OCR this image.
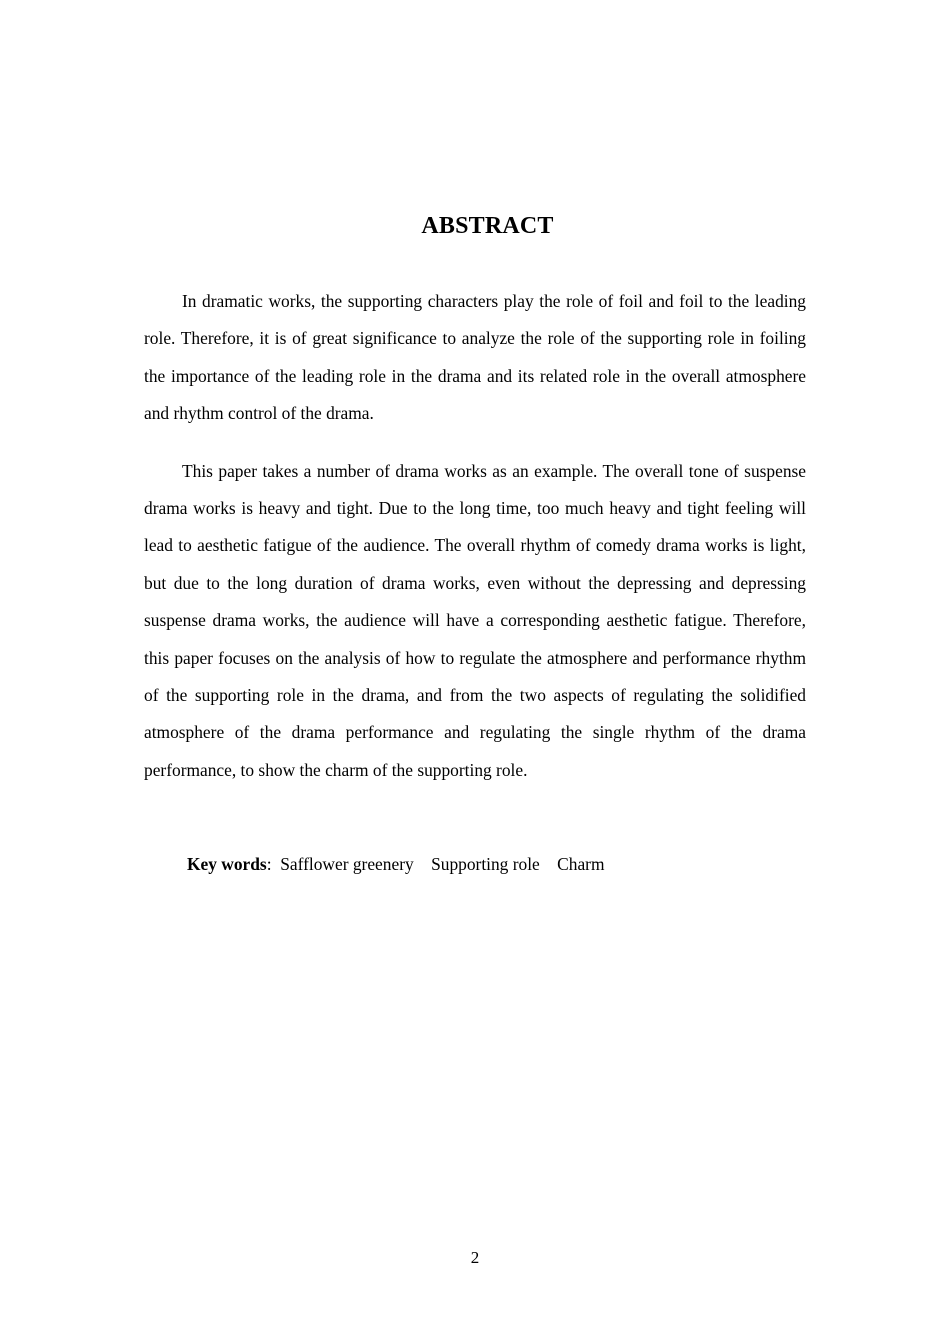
ABSTRACT

In dramatic works, the supporting characters play the role of foil and foil to the leading role. Therefore, it is of great significance to analyze the role of the supporting role in foiling the importance of the leading role in the drama and its related role in the overall atmosphere and rhythm control of the drama.

This paper takes a number of drama works as an example. The overall tone of suspense drama works is heavy and tight. Due to the long time, too much heavy and tight feeling will lead to aesthetic fatigue of the audience. The overall rhythm of comedy drama works is light, but due to the long duration of drama works, even without the depressing and depressing suspense drama works, the audience will have a corresponding aesthetic fatigue. Therefore, this paper focuses on the analysis of how to regulate the atmosphere and performance rhythm of the supporting role in the drama, and from the two aspects of regulating the solidified atmosphere of the drama performance and regulating the single rhythm of the drama performance, to show the charm of the supporting role.

Key words: Safflower greenery Supporting role Charm
2
